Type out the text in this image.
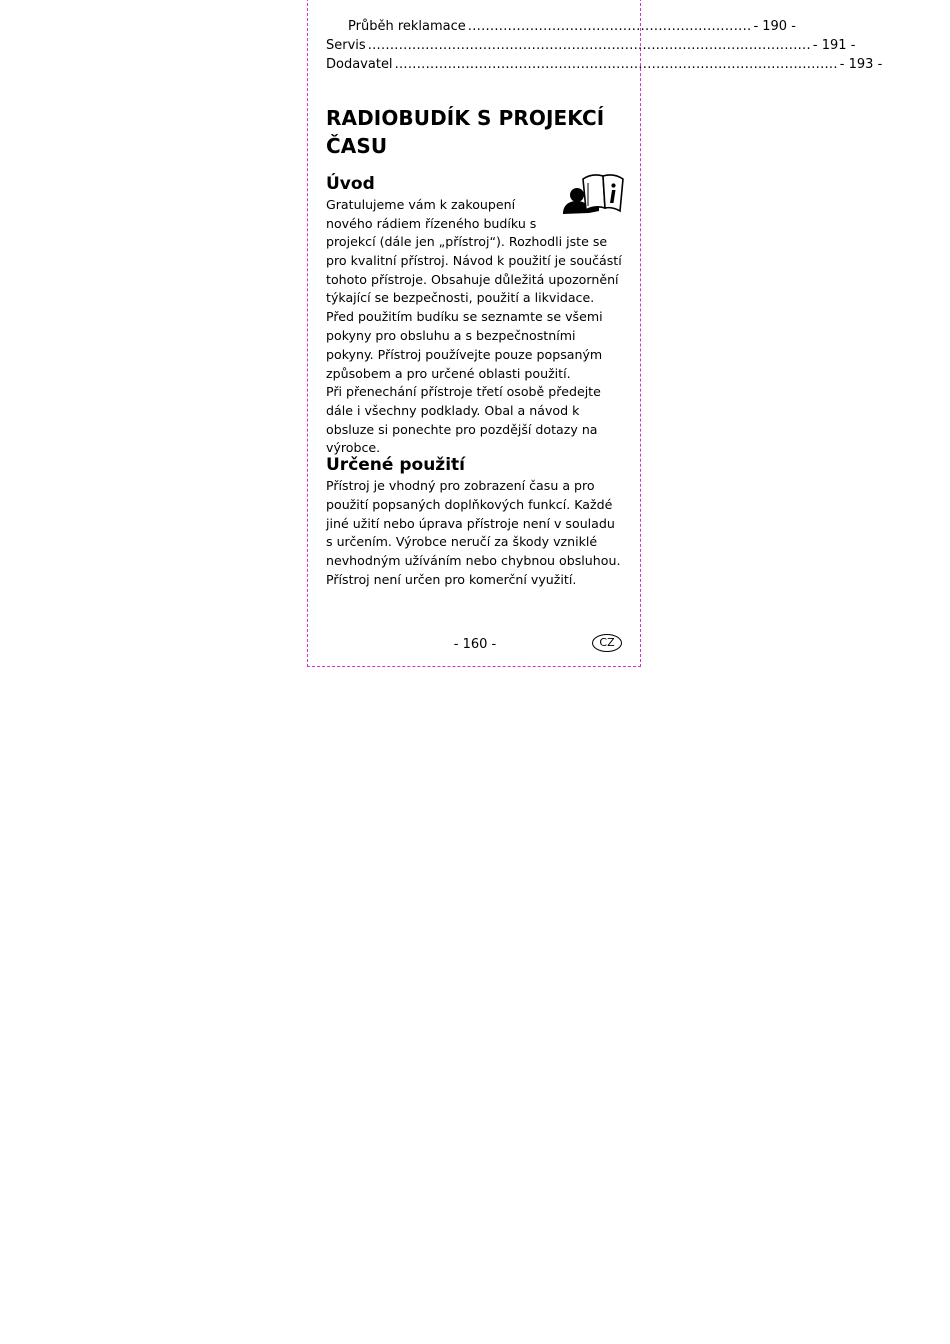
Průběh reklamace ................................................................ - 190 -
Servis .................................................................................................... - 191 -
Dodavatel .................................................................................................... - 193 -
RADIOBUDÍK S PROJEKCÍ
ČASU
Úvod
Gratulujeme vám k zakoupení
nového rádiem řízeného budíku s
projekcí (dále jen „přístroj“). Rozhodli jste se pro kvalitní přístroj. Návod k použití je součástí tohoto přístroje. Obsahuje důležitá upozornění týkající se bezpečnosti, použití a likvidace. Před použitím budíku se seznamte se všemi pokyny pro obsluhu a s bezpečnostními pokyny. Přístroj používejte pouze popsaným způsobem a pro určené oblasti použití.
Při přenechání přístroje třetí osobě předejte dále i všechny podklady. Obal a návod k obsluze si ponechte pro pozdější dotazy na výrobce.
Určené použití
Přístroj je vhodný pro zobrazení času a pro použití popsaných doplňkových funkcí. Každé jiné užití nebo úprava přístroje není v souladu s určením. Výrobce neručí za škody vzniklé nevhodným užíváním nebo chybnou obsluhou. Přístroj není určen pro komerční využití.
- 160 -	CZ
